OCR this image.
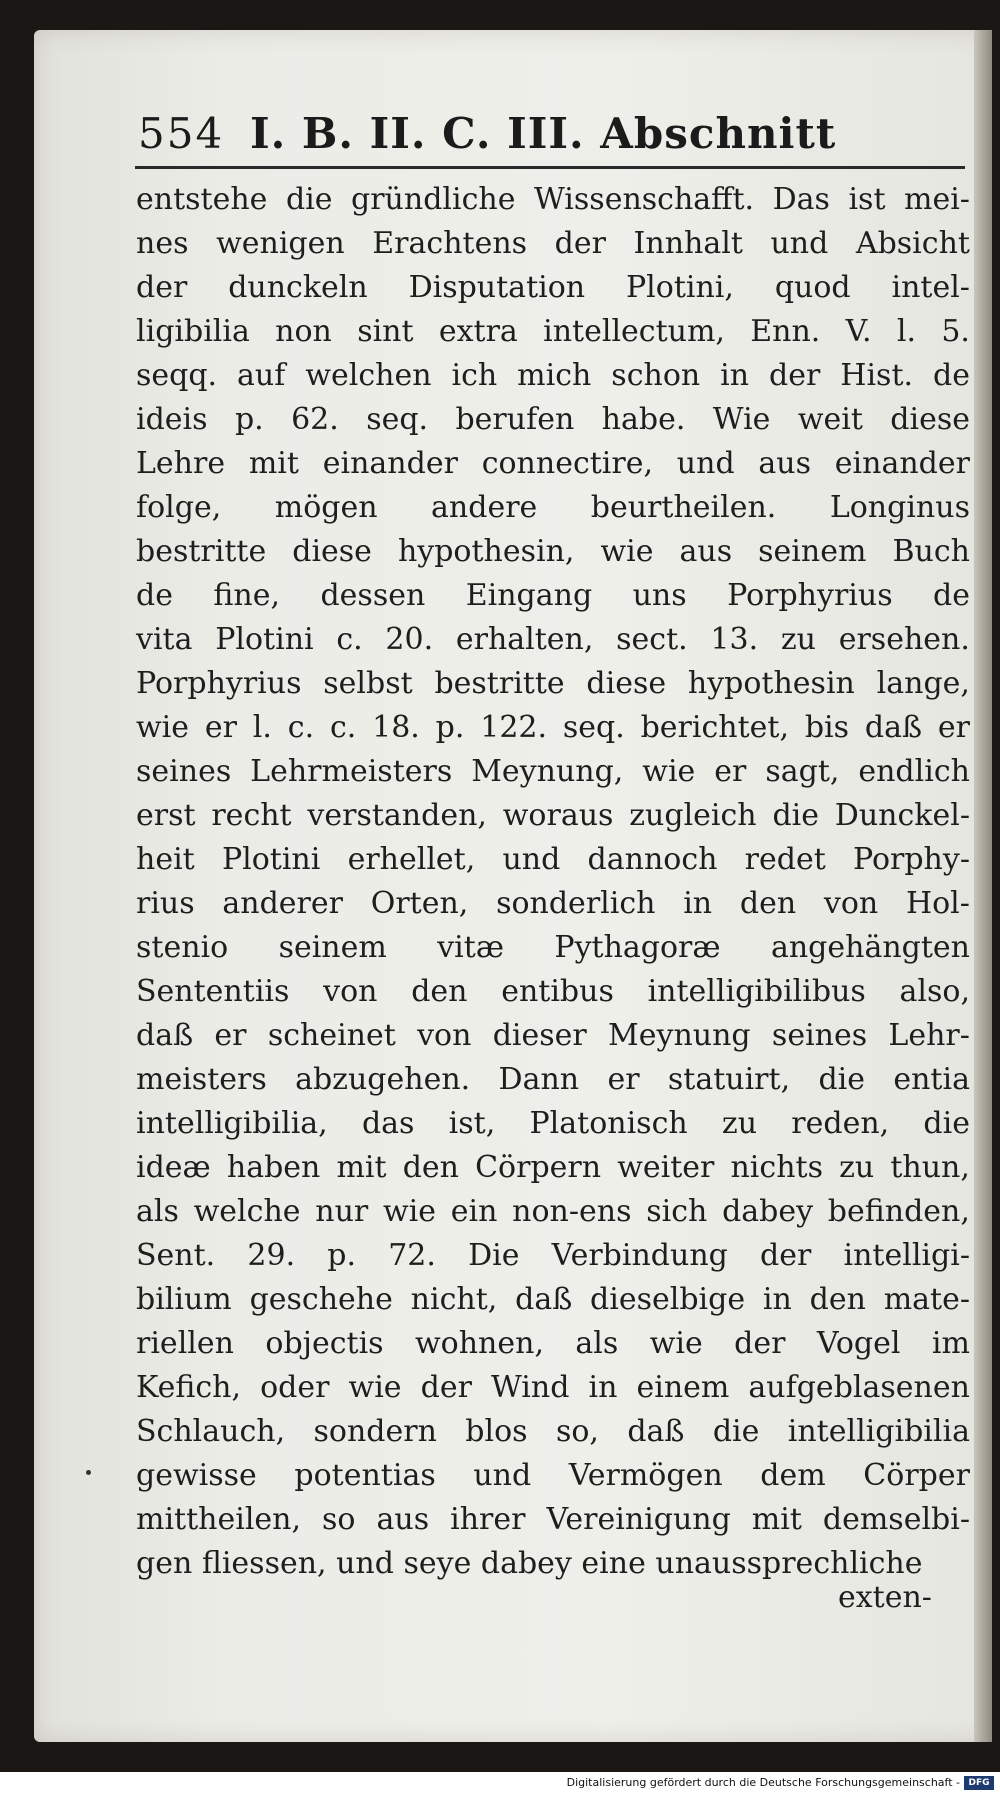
554 I. B. II. C. III. Abschnitt
entstehe die gründliche Wissenschafft. Das ist mei-
nes wenigen Erachtens der Innhalt und Absicht
der dunckeln Disputation Plotini, quod intel-
ligibilia non sint extra intellectum, Enn. V. l. 5.
seqq. auf welchen ich mich schon in der Hist. de
ideis p. 62. seq. berufen habe. Wie weit diese
Lehre mit einander connectire, und aus einander
folge, mögen andere beurtheilen. Longinus
bestritte diese hypothesin, wie aus seinem Buch
de fine, dessen Eingang uns Porphyrius de
vita Plotini c. 20. erhalten, sect. 13. zu ersehen.
Porphyrius selbst bestritte diese hypothesin lange,
wie er l. c. c. 18. p. 122. seq. berichtet, bis daß er
seines Lehrmeisters Meynung, wie er sagt, endlich
erst recht verstanden, woraus zugleich die Dunckel-
heit Plotini erhellet, und dannoch redet Porphy-
rius anderer Orten, sonderlich in den von Hol-
stenio seinem vitæ Pythagoræ angehängten
Sententiis von den entibus intelligibilibus also,
daß er scheinet von dieser Meynung seines Lehr-
meisters abzugehen. Dann er statuirt, die entia
intelligibilia, das ist, Platonisch zu reden, die
ideæ haben mit den Cörpern weiter nichts zu thun,
als welche nur wie ein non-ens sich dabey befinden,
Sent. 29. p. 72. Die Verbindung der intelligi-
bilium geschehe nicht, daß dieselbige in den mate-
riellen objectis wohnen, als wie der Vogel im
Kefich, oder wie der Wind in einem aufgeblasenen
Schlauch, sondern blos so, daß die intelligibilia
gewisse potentias und Vermögen dem Cörper
mittheilen, so aus ihrer Vereinigung mit demselbi-
gen fliessen, und seye dabey eine unaussprechliche
exten-
Digitalisierung gefördert durch die Deutsche Forschungsgemeinschaft - DFG
